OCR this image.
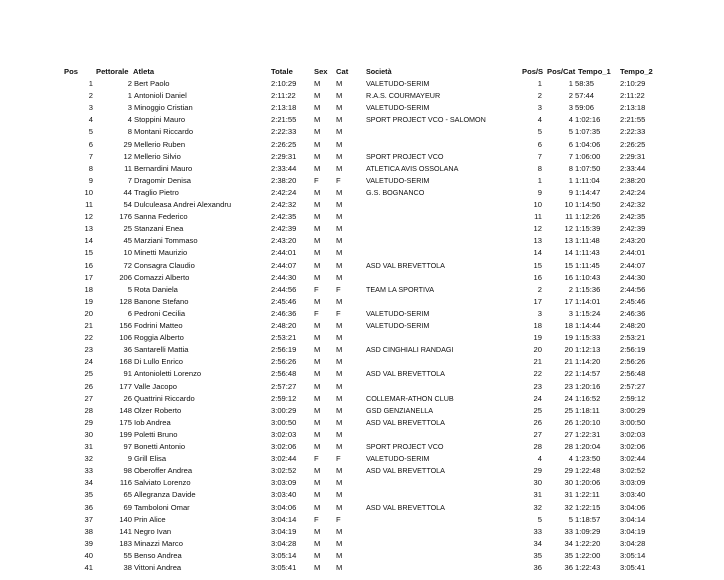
Pos Pettorale Atleta	Totale	Sex Cat Società	Pos/S Pos/Cat Tempo_1 Tempo_2
1	2 Bert Paolo	2:10:29 M M	VALETUDO-SERIM	1	1 58:35	2:10:29
2	1 Antonioli Daniel	2:11:22 M M	R.A.S. COURMAYEUR	2	2 57:44	2:11:22
3	3 Minoggio Cristian	2:13:18 M M	VALETUDO-SERIM	3	3 59:06	2:13:18
4	4 Stoppini Mauro	2:21:55 M M	SPORT PROJECT VCO - SALOMON	4	4 1:02:16	2:21:55
5	8 Montani Riccardo	2:22:33 M M	5	5 1:07:35	2:22:33
6	29 Mellerio Ruben	2:26:25 M M	6	6 1:04:06	2:26:25
7	12 Mellerio Silvio	2:29:31 M M	SPORT PROJECT VCO	7	7 1:06:00	2:29:31
8	11 Bernardini Mauro	2:33:44 M M	ATLETICA AVIS OSSOLANA	8	8 1:07:50	2:33:44
9	7 Dragomir Denisa	2:38:20 F F	VALETUDO-SERIM	1	1 1:11:04	2:38:20
10	44 Traglio Pietro	2:42:24 M M	G.S. BOGNANCO	9	9 1:14:47	2:42:24
11	54 Dulculeasa Andrei Alexandru	2:42:32 M M	10	10 1:14:50	2:42:32
12	176 Sanna Federico	2:42:35 M M	11	11 1:12:26	2:42:35
13	25 Stanzani Enea	2:42:39 M M	12	12 1:15:39	2:42:39
14	45 Marziani Tommaso	2:43:20 M M	13	13 1:11:48	2:43:20
15	10 Minetti Maurizio	2:44:01 M M	14	14 1:11:43	2:44:01
16	72 Consagra Claudio	2:44:07 M M	ASD VAL BREVETTOLA	15	15 1:11:45	2:44:07
17	206 Comazzi Alberto	2:44:30 M M	16	16 1:10:43	2:44:30
18	5 Rota Daniela	2:44:56 F F	TEAM LA SPORTIVA	2	2 1:15:36	2:44:56
19	128 Banone Stefano	2:45:46 M M	17	17 1:14:01	2:45:46
20	6 Pedroni Cecilia	2:46:36 F F	VALETUDO-SERIM	3	3 1:15:24	2:46:36
21	156 Fodrini Matteo	2:48:20 M M	VALETUDO-SERIM	18	18 1:14:44	2:48:20
22	106 Roggia Alberto	2:53:21 M M	19	19 1:15:33	2:53:21
23	36 Santarelli Mattia	2:56:19 M M	ASD CINGHIALI RANDAGI	20	20 1:12:13	2:56:19
24	168 Di Lullo Enrico	2:56:26 M M	21	21 1:14:20	2:56:26
25	91 Antonioletti Lorenzo	2:56:48 M M	ASD VAL BREVETTOLA	22	22 1:14:57	2:56:48
26	177 Valle Jacopo	2:57:27 M M	23	23 1:20:16	2:57:27
27	26 Quattrini Riccardo	2:59:12 M M	COLLEMAR-ATHON CLUB	24	24 1:16:52	2:59:12
28	148 Olzer Roberto	3:00:29 M M	GSD GENZIANELLA	25	25 1:18:11	3:00:29
29	175 Iob Andrea	3:00:50 M M	ASD VAL BREVETTOLA	26	26 1:20:10	3:00:50
30	199 Poletti Bruno	3:02:03 M M	27	27 1:22:31	3:02:03
31	97 Bonetti Antonio	3:02:06 M M	SPORT PROJECT VCO	28	28 1:20:04	3:02:06
32	9 Grill Elisa	3:02:44 F F	VALETUDO-SERIM	4	4 1:23:50	3:02:44
33	98 Oberoffer Andrea	3:02:52 M M	ASD VAL BREVETTOLA	29	29 1:22:48	3:02:52
34	116 Salviato Lorenzo	3:03:09 M M	30	30 1:20:06	3:03:09
35	65 Allegranza Davide	3:03:40 M M	31	31 1:22:11	3:03:40
36	69 Tamboloni Omar	3:04:06 M M	ASD VAL BREVETTOLA	32	32 1:22:15	3:04:06
37	140 Prin Alice	3:04:14 F F	5	5 1:18:57	3:04:14
38	141 Negro Ivan	3:04:19 M M	33	33 1:09:29	3:04:19
39	183 Minazzi Marco	3:04:28 M M	34	34 1:22:20	3:04:28
40	55 Benso Andrea	3:05:14 M M	35	35 1:22:00	3:05:14
41	38 Vittoni Andrea	3:05:41 M M	36	36 1:22:43	3:05:41
